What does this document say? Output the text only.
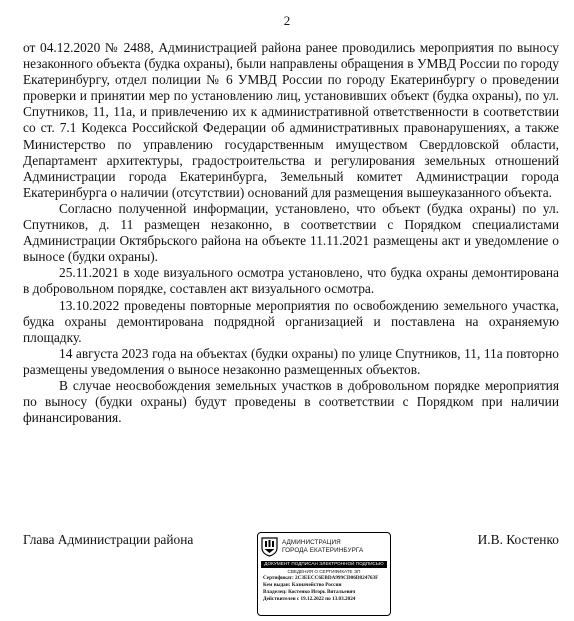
2

от 04.12.2020 № 2488, Администрацией района ранее проводились мероприятия по выносу незаконного объекта (будка охраны), были направлены обращения в УМВД России по городу Екатеринбургу, отдел полиции № 6 УМВД России по городу Екатеринбургу о проведении проверки и принятии мер по установлению лиц, установивших объект (будка охраны), по ул. Спутников, 11, 11а, и привлечению их к административной ответственности в соответствии со ст. 7.1 Кодекса Российской Федерации об административных правонарушениях, а также Министерство по управлению государственным имуществом Свердловской области, Департамент архитектуры, градостроительства и регулирования земельных отношений Администрации города Екатеринбурга, Земельный комитет Администрации города Екатеринбурга о наличии (отсутствии) оснований для размещения вышеуказанного объекта.

Согласно полученной информации, установлено, что объект (будка охраны) по ул. Спутников, д. 11 размещен незаконно, в соответствии с Порядком специалистами Администрации Октябрьского района на объекте 11.11.2021 размещены акт и уведомление о выносе (будки охраны).

25.11.2021 в ходе визуального осмотра установлено, что будка охраны демонтирована в добровольном порядке, составлен акт визуального осмотра.

13.10.2022 проведены повторные мероприятия по освобождению земельного участка, будка охраны демонтирована подрядной организацией и поставлена на охраняемую площадку.

14 августа 2023 года на объектах (будки охраны) по улице Спутников, 11, 11а повторно размещены уведомления о выносе незаконно размещенных объектов.

В случае неосвобождения земельных участков в добровольном порядке мероприятия по выносу (будки охраны) будут проведены в соответствии с Порядком при наличии финансирования.

Глава Администрации района	АДМИНИСТРАЦИЯ
ГОРОДА ЕКАТЕРИНБУРГА
ДОКУМЕНТ ПОДПИСАН ЭЛЕКТРОННОЙ ПОДПИСЬЮ
СВЕДЕНИЯ О СЕРТИФИКАТЕ ЭП
Сертификат: 2C3EECC6EBDA999CD06D824763F
Кем выдан: Казначейство России
Владелец: Костенко Игорь Витальевич
Действителен с 19.12.2022 по 13.03.2024
И.В. Костенко
